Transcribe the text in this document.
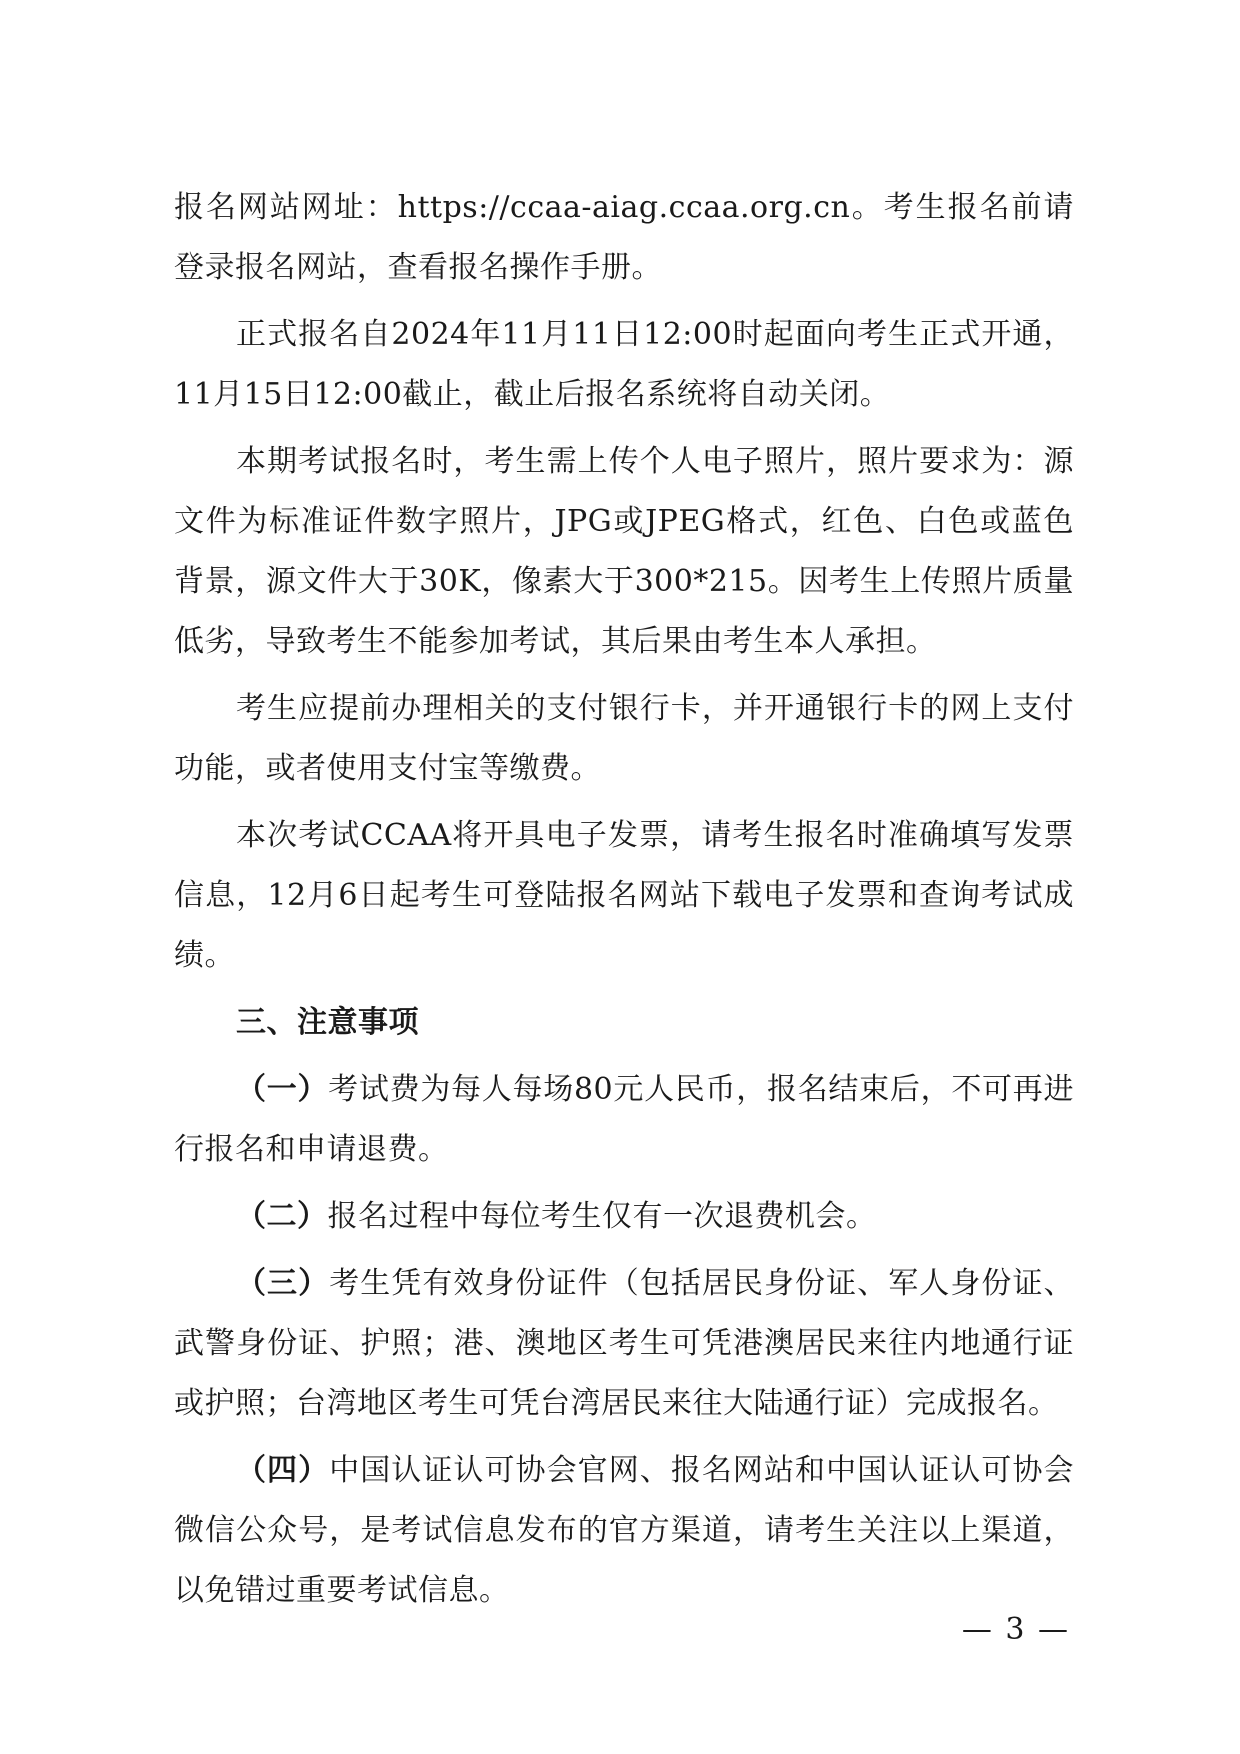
报名网站网址：https://ccaa-aiag.ccaa.org.cn。考生报名前请登录报名网站，查看报名操作手册。

正式报名自2024年11月11日12:00时起面向考生正式开通，11月15日12:00截止，截止后报名系统将自动关闭。

本期考试报名时，考生需上传个人电子照片，照片要求为：源文件为标准证件数字照片，JPG或JPEG格式，红色、白色或蓝色背景，源文件大于30K，像素大于300*215。因考生上传照片质量低劣，导致考生不能参加考试，其后果由考生本人承担。

考生应提前办理相关的支付银行卡，并开通银行卡的网上支付功能，或者使用支付宝等缴费。

本次考试CCAA将开具电子发票，请考生报名时准确填写发票信息，12月6日起考生可登陆报名网站下载电子发票和查询考试成绩。

三、注意事项

（一）考试费为每人每场80元人民币，报名结束后，不可再进行报名和申请退费。

（二）报名过程中每位考生仅有一次退费机会。

（三）考生凭有效身份证件（包括居民身份证、军人身份证、武警身份证、护照；港、澳地区考生可凭港澳居民来往内地通行证或护照；台湾地区考生可凭台湾居民来往大陆通行证）完成报名。

（四）中国认证认可协会官网、报名网站和中国认证认可协会微信公众号，是考试信息发布的官方渠道，请考生关注以上渠道，以免错过重要考试信息。

— 3 —
